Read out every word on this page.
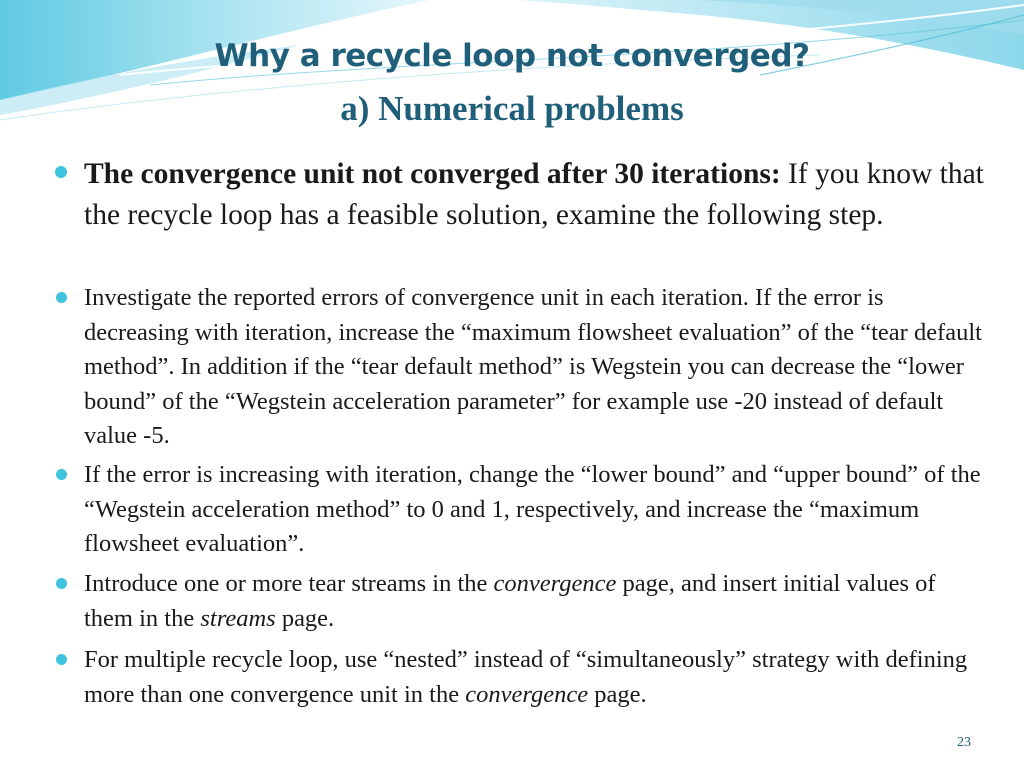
Why a recycle loop not converged?
a) Numerical problems
The convergence unit not converged after 30 iterations: If you know that the recycle loop has a feasible solution, examine the following step.
Investigate the reported errors of convergence unit in each iteration. If the error is decreasing with iteration, increase the “maximum flowsheet evaluation” of the “tear default method”. In addition if the “tear default method” is Wegstein you can decrease the “lower bound” of the “Wegstein acceleration parameter” for example use -20 instead of default value -5.
If the error is increasing with iteration, change the “lower bound” and “upper bound” of the “Wegstein acceleration method” to 0 and 1, respectively, and increase the “maximum flowsheet evaluation”.
Introduce one or more tear streams in the convergence page, and insert initial values of them in the streams page.
For multiple recycle loop, use “nested” instead of “simultaneously” strategy with defining more than one convergence unit in the convergence page.
23
